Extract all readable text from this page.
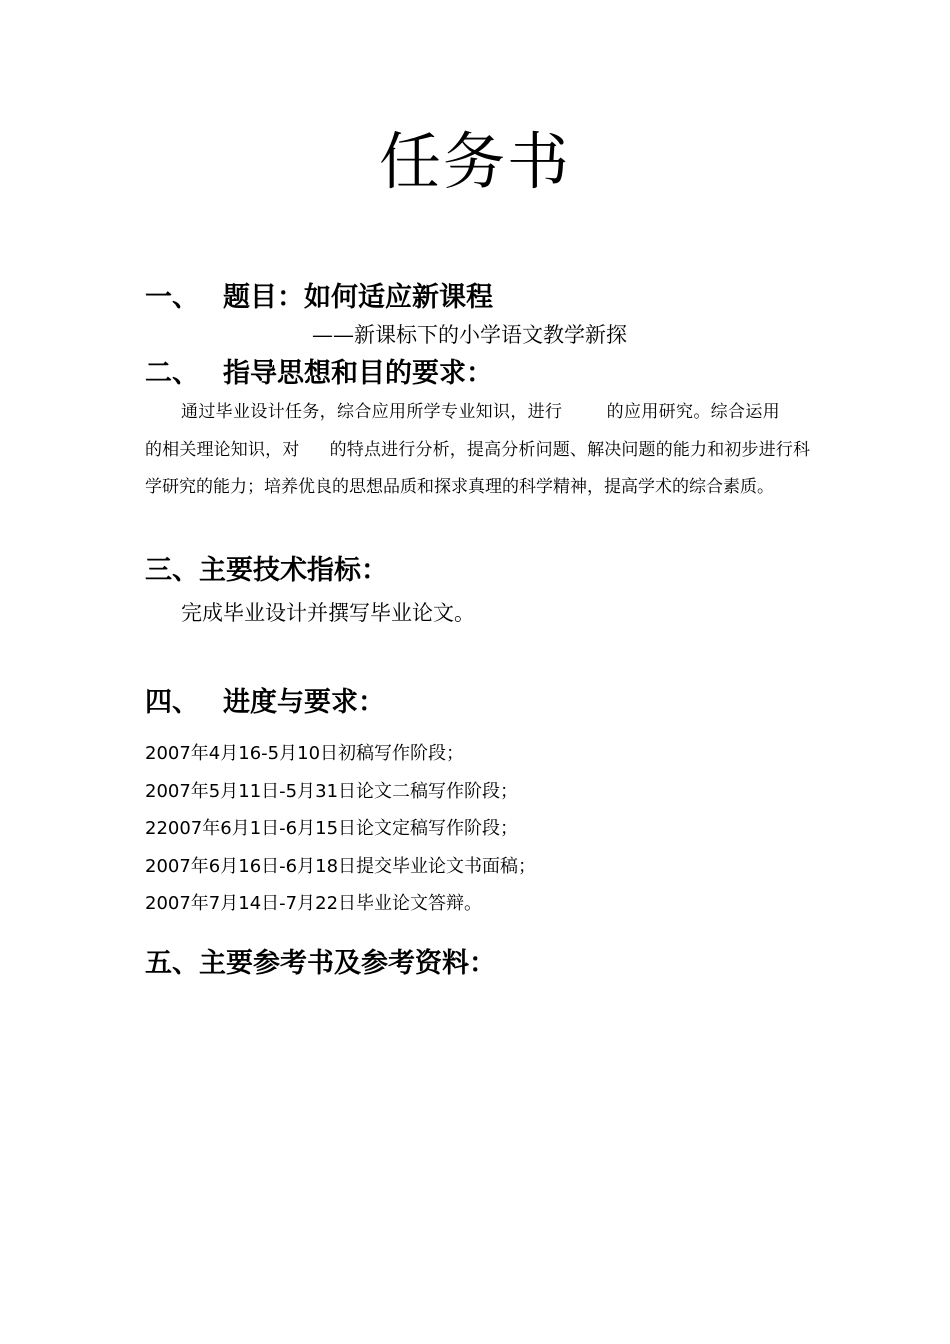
任务书
一、 题目：如何适应新课程
——新课标下的小学语文教学新探
二、 指导思想和目的要求：
通过毕业设计任务，综合应用所学专业知识，进行	的应用研究。综合运用的相关理论知识，对 的特点进行分析，提高分析问题、解决问题的能力和初步进行科学研究的能力；培养优良的思想品质和探求真理的科学精神，提高学术的综合素质。
三、主要技术指标：
完成毕业设计并撰写毕业论文。
四、 进度与要求：
2007年4月16-5月10日初稿写作阶段；
2007年5月11日-5月31日论文二稿写作阶段；
22007年6月1日-6月15日论文定稿写作阶段；
2007年6月16日-6月18日提交毕业论文书面稿；
2007年7月14日-7月22日毕业论文答辩。
五、主要参考书及参考资料：
